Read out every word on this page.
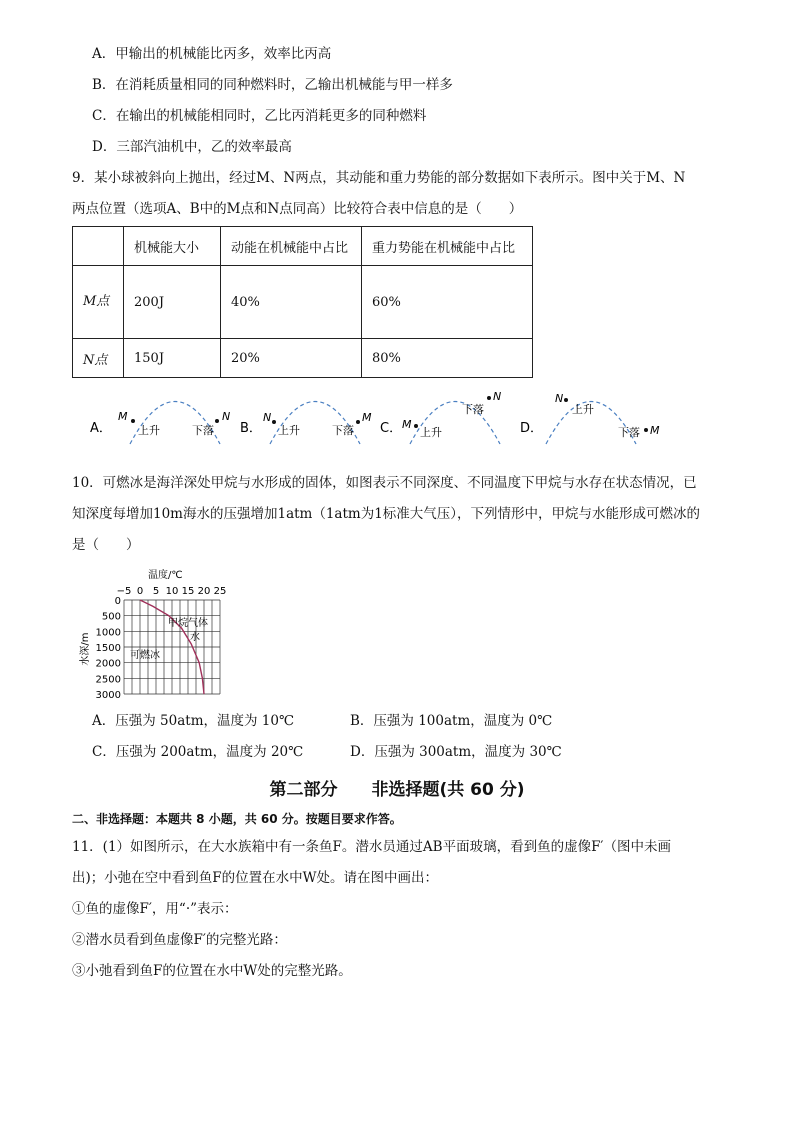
A．甲输出的机械能比丙多，效率比丙高
B．在消耗质量相同的同种燃料时，乙输出机械能与甲一样多
C．在输出的机械能相同时，乙比丙消耗更多的同种燃料
D．三部汽油机中，乙的效率最高
9．某小球被斜向上抛出，经过M、N两点，其动能和重力势能的部分数据如下表所示。图中关于M、N
两点位置（选项A、B中的M点和N点同高）比较符合表中信息的是（　　）
	机械能大小	动能在机械能中占比	重力势能在机械能中占比
M点	200J	40%	60%
N点	150J	20%	80%
A．
M
上升
N
下落 B．
N
上升
M
下落 C． M
上升
N
下落
D．
N
上升
M
下落
10．可燃冰是海洋深处甲烷与水形成的固体，如图表示不同深度、不同温度下甲烷与水存在状态情况，已
知深度每增加10m海水的压强增加1atm（1atm为1标准大气压），下列情形中，甲烷与水能形成可燃冰的
是（　　）
温度/℃
−5 0 5 10 15 20 25
0
500
1000
1500
2000
2500
3000
水深/m
甲烷气体
水
可燃冰
A．压强为 50atm，温度为 10℃	B．压强为 100atm，温度为 0℃
C．压强为 200atm，温度为 20℃	D．压强为 300atm，温度为 30℃
第二部分　　非选择题(共 60 分)
二、非选择题：本题共 8 小题，共 60 分。按题目要求作答。
11．(1）如图所示，在大水族箱中有一条鱼F。潜水员通过AB平面玻璃，看到鱼的虚像F′（图中未画
出)；小弛在空中看到鱼F的位置在水中W处。请在图中画出：
①鱼的虚像F′，用“·”表示：
②潜水员看到鱼虚像F′的完整光路：
③小弛看到鱼F的位置在水中W处的完整光路。
